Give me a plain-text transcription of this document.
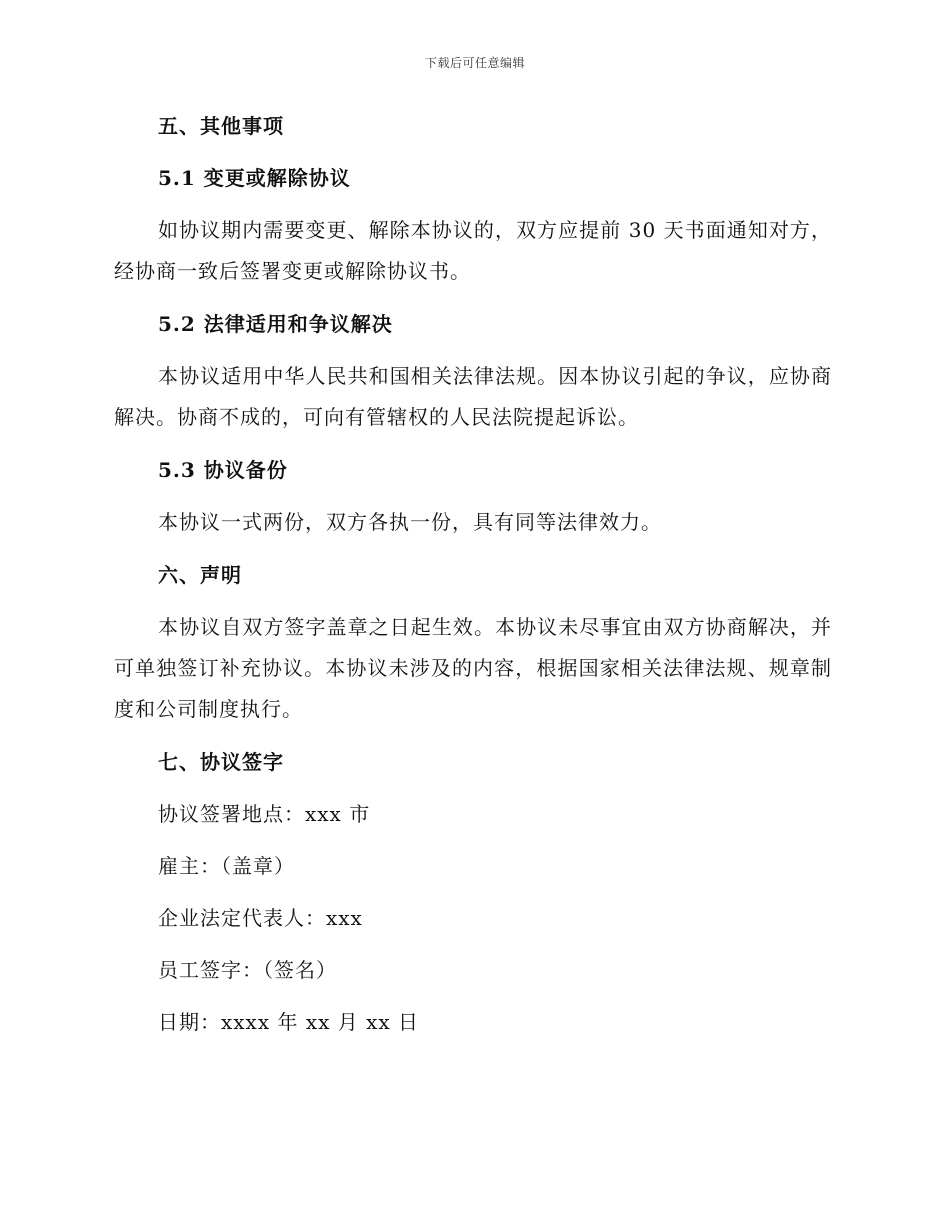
下载后可任意编辑
五、其他事项
5.1 变更或解除协议
如协议期内需要变更、解除本协议的，双方应提前 30 天书面通知对方，经协商一致后签署变更或解除协议书。
5.2 法律适用和争议解决
本协议适用中华人民共和国相关法律法规。因本协议引起的争议，应协商解决。协商不成的，可向有管辖权的人民法院提起诉讼。
5.3 协议备份
本协议一式两份，双方各执一份，具有同等法律效力。
六、声明
本协议自双方签字盖章之日起生效。本协议未尽事宜由双方协商解决，并可单独签订补充协议。本协议未涉及的内容，根据国家相关法律法规、规章制度和公司制度执行。
七、协议签字
协议签署地点：xxx 市
雇主：（盖章）
企业法定代表人：xxx
员工签字：（签名）
日期：xxxx 年 xx 月 xx 日
